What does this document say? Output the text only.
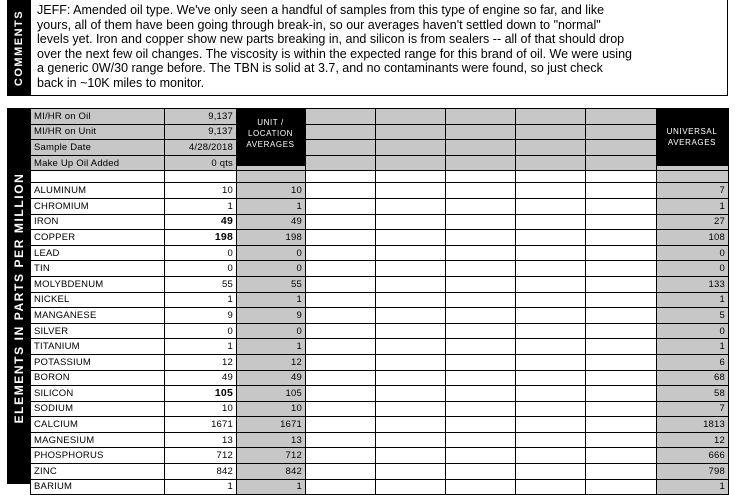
COMMENTS JEFF: Amended oil type. We've only seen a handful of samples from this type of engine so far, and like
yours, all of them have been going through break-in, so our averages haven't settled down to "normal"
levels yet. Iron and copper show new parts breaking in, and silicon is from sealers -- all of that should drop
over the next few oil changes. The viscosity is within the expected range for this brand of oil. We were using
a generic 0W/30 range before. The TBN is solid at 3.7, and no contaminants were found, so just check
back in ~10K miles to monitor.
ELEMENTS IN PARTS PER MILLION
MI/HR on Oil	9,137							
MI/HR on Unit	9,137							
Sample Date	4/28/2018							
Make Up Oil Added	0 qts							

ALUMINUM	10	10						7
CHROMIUM	1	1						1
IRON	49	49						27
COPPER	198	198						108
LEAD	0	0						0
TIN	0	0						0
MOLYBDENUM	55	55						133
NICKEL	1	1						1
MANGANESE	9	9						5
SILVER	0	0						0
TITANIUM	1	1						1
POTASSIUM	12	12						6
BORON	49	49						68
SILICON	105	105						58
SODIUM	10	10						7
CALCIUM	1671	1671						1813
MAGNESIUM	13	13						12
PHOSPHORUS	712	712						666
ZINC	842	842						798
BARIUM	1	1						1
UNIT /
LOCATION
AVERAGES
UNIVERSAL
AVERAGES
